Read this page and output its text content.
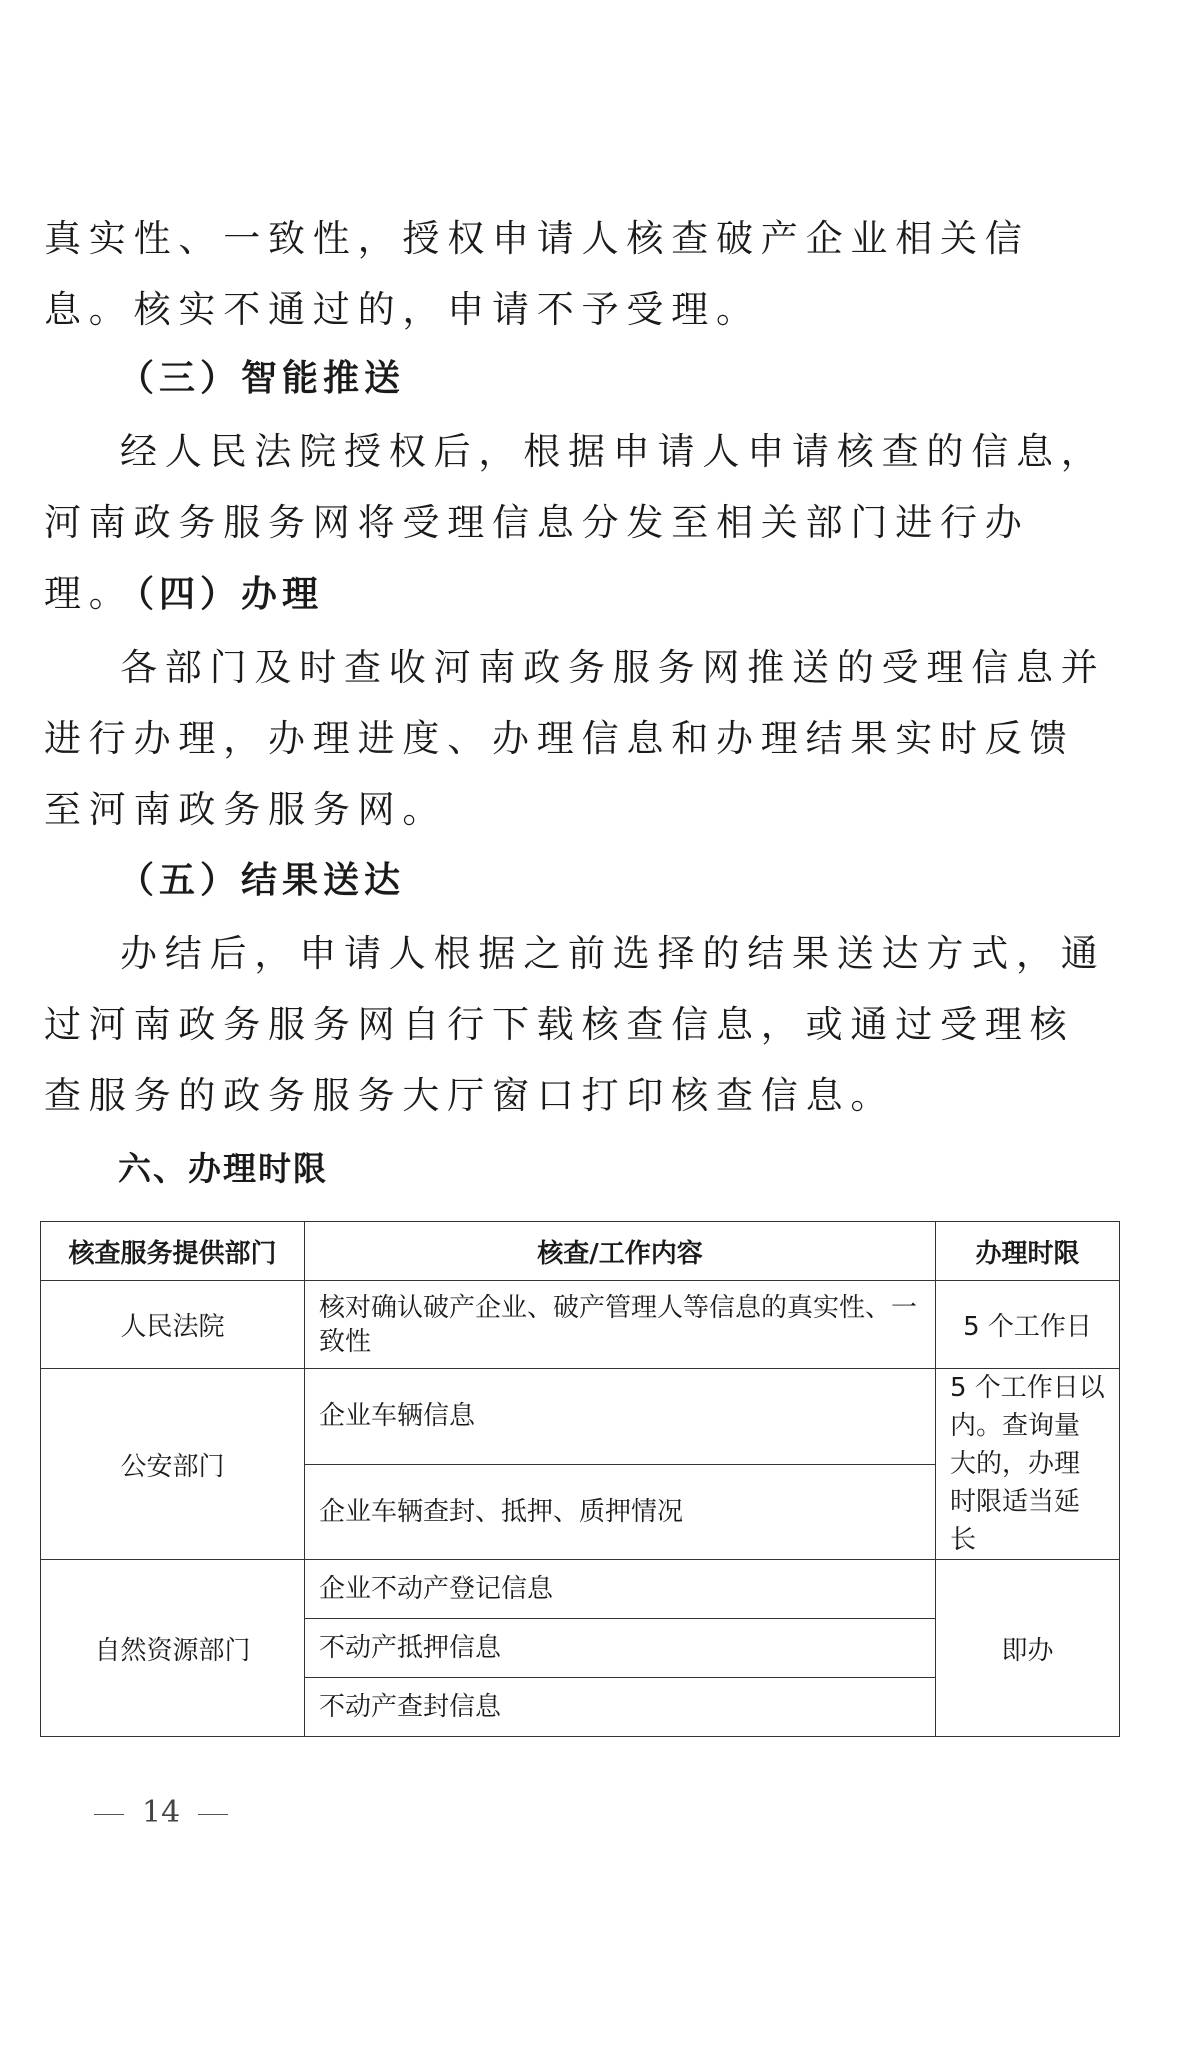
真实性、一致性，授权申请人核查破产企业相关信息。核实不通过的，申请不予受理。

（三）智能推送

经人民法院授权后，根据申请人申请核查的信息，河南政务服务网将受理信息分发至相关部门进行办理。

（四）办理

各部门及时查收河南政务服务网推送的受理信息并进行办理，办理进度、办理信息和办理结果实时反馈至河南政务服务网。

（五）结果送达

办结后，申请人根据之前选择的结果送达方式，通过河南政务服务网自行下载核查信息，或通过受理核查服务的政务服务大厅窗口打印核查信息。

六、办理时限

核查服务提供部门	核查/工作内容	办理时限
人民法院	核对确认破产企业、破产管理人等信息的真实性、一致性	5 个工作日
公安部门	企业车辆信息	5 个工作日以内。查询量大的，办理时限适当延长
	企业车辆查封、抵押、质押情况	
自然资源部门	企业不动产登记信息	即办
	不动产抵押信息	
	不动产查封信息	
14
